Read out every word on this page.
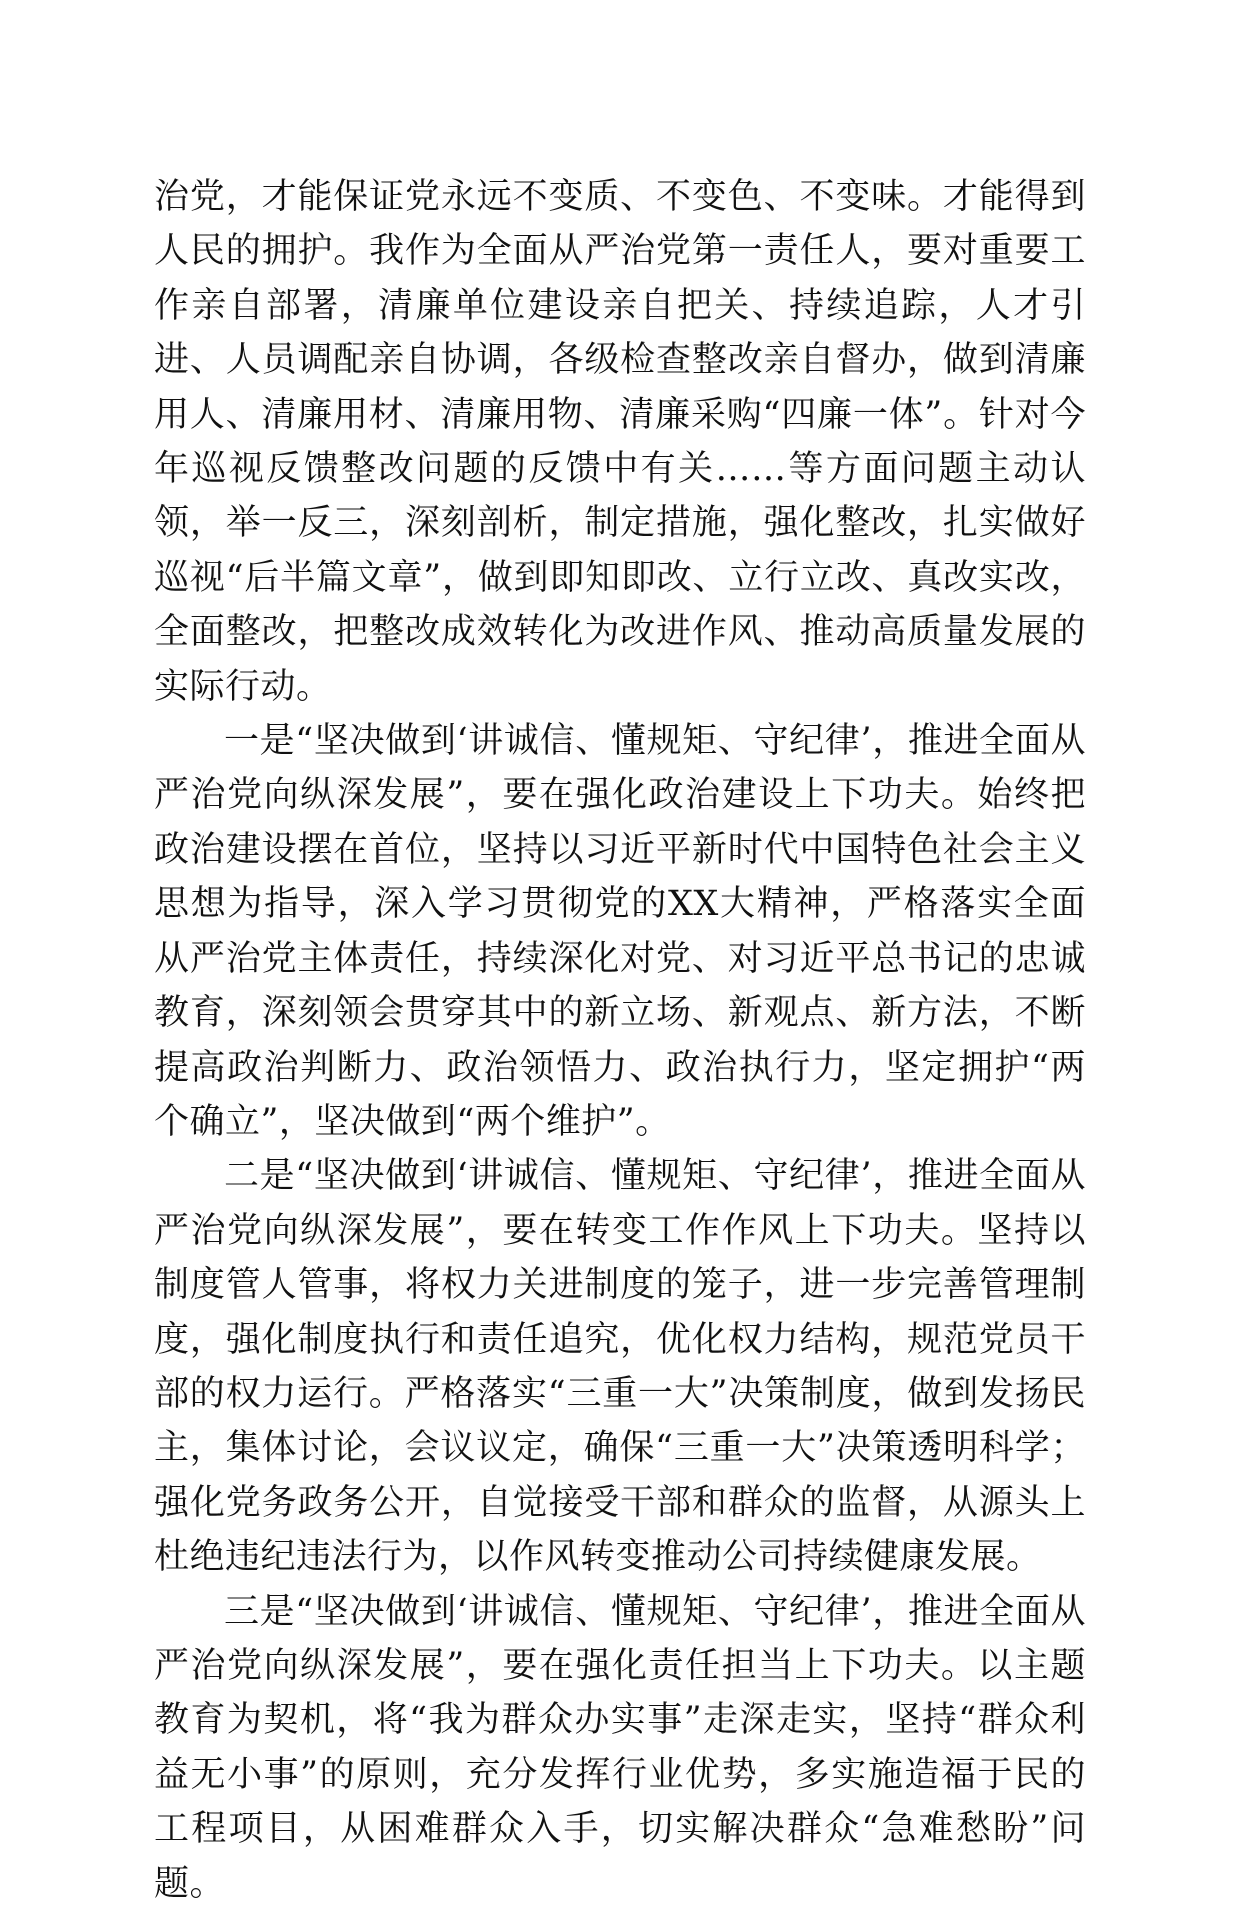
治党，才能保证党永远不变质、不变色、不变味。才能得到人民的拥护。我作为全面从严治党第一责任人，要对重要工作亲自部署，清廉单位建设亲自把关、持续追踪，人才引进、人员调配亲自协调，各级检查整改亲自督办，做到清廉用人、清廉用材、清廉用物、清廉采购“四廉一体”。针对今年巡视反馈整改问题的反馈中有关……等方面问题主动认领，举一反三，深刻剖析，制定措施，强化整改，扎实做好巡视“后半篇文章”，做到即知即改、立行立改、真改实改，全面整改，把整改成效转化为改进作风、推动高质量发展的实际行动。

一是“坚决做到‘讲诚信、懂规矩、守纪律’，推进全面从严治党向纵深发展”，要在强化政治建设上下功夫。始终把政治建设摆在首位，坚持以习近平新时代中国特色社会主义思想为指导，深入学习贯彻党的XX大精神，严格落实全面从严治党主体责任，持续深化对党、对习近平总书记的忠诚教育，深刻领会贯穿其中的新立场、新观点、新方法，不断提高政治判断力、政治领悟力、政治执行力，坚定拥护“两个确立”，坚决做到“两个维护”。

二是“坚决做到‘讲诚信、懂规矩、守纪律’，推进全面从严治党向纵深发展”，要在转变工作作风上下功夫。坚持以制度管人管事，将权力关进制度的笼子，进一步完善管理制度，强化制度执行和责任追究，优化权力结构，规范党员干部的权力运行。严格落实“三重一大”决策制度，做到发扬民主，集体讨论，会议议定，确保“三重一大”决策透明科学；强化党务政务公开，自觉接受干部和群众的监督，从源头上杜绝违纪违法行为，以作风转变推动公司持续健康发展。

三是“坚决做到‘讲诚信、懂规矩、守纪律’，推进全面从严治党向纵深发展”，要在强化责任担当上下功夫。以主题教育为契机，将“我为群众办实事”走深走实，坚持“群众利益无小事”的原则，充分发挥行业优势，多实施造福于民的工程项目，从困难群众入手，切实解决群众“急难愁盼”问题。
